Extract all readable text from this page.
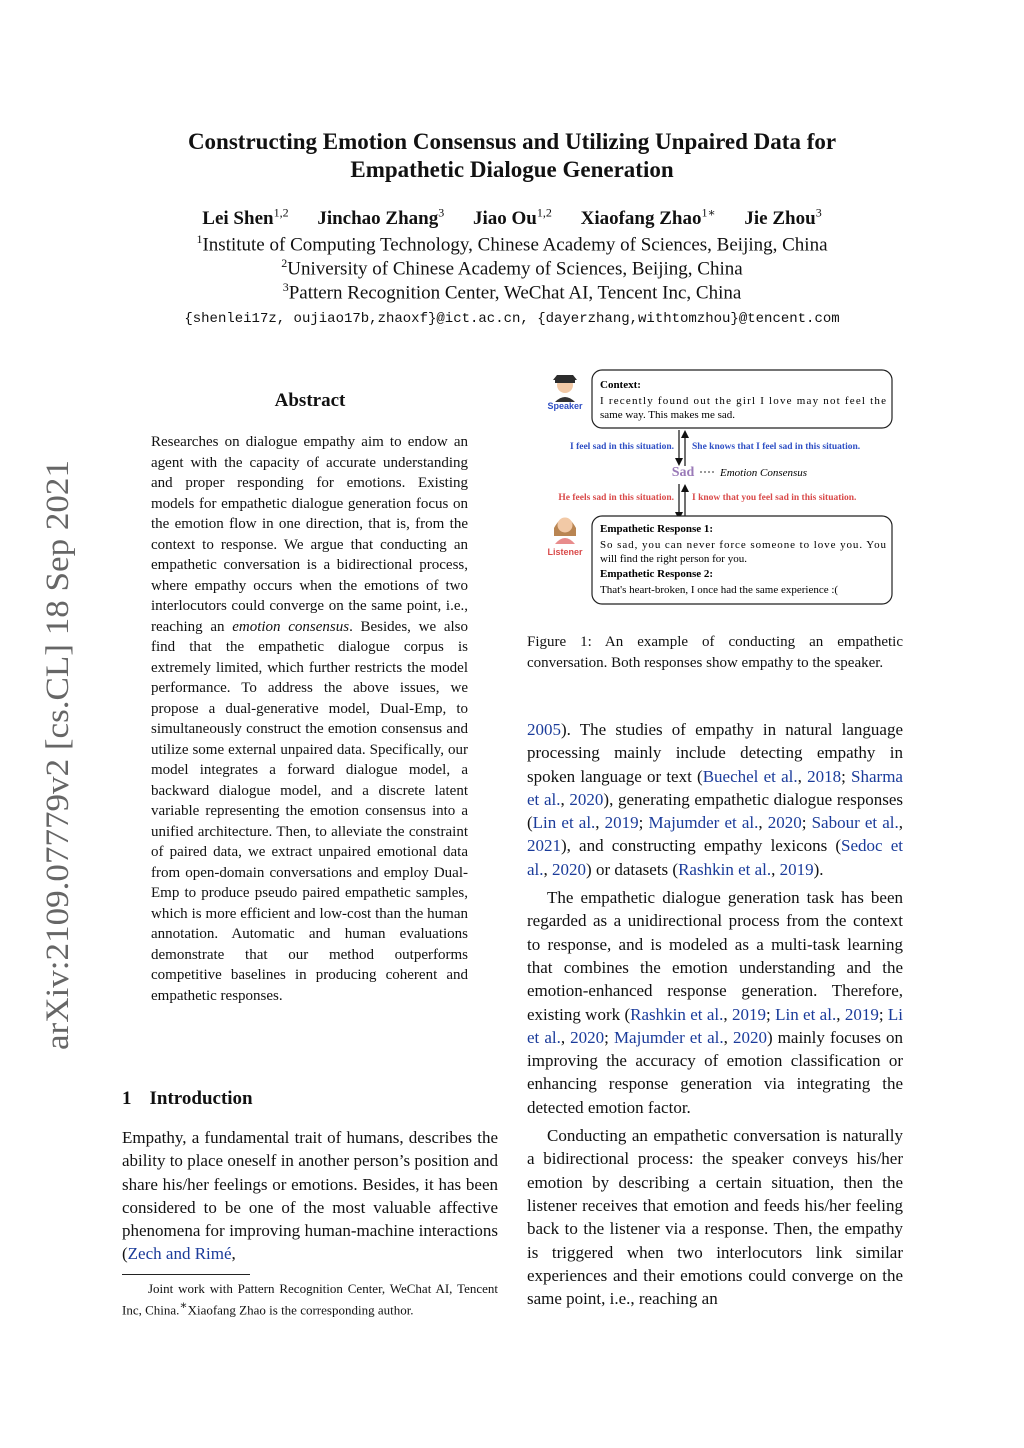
arXiv:2109.07779v2 [cs.CL] 18 Sep 2021
Constructing Emotion Consensus and Utilizing Unpaired Data for
Empathetic Dialogue Generation
Lei Shen$^{1,2}$ Jinchao Zhang$^3$ Jiao Ou$^{1,2}$ Xiaofang Zhao$^{1∗}$ Jie Zhou$^3$
$^1$Institute of Computing Technology, Chinese Academy of Sciences, Beijing, China
$^2$University of Chinese Academy of Sciences, Beijing, China
$^3$Pattern Recognition Center, WeChat AI, Tencent Inc, China
{shenlei17z, oujiao17b,zhaoxf}@ict.ac.cn, {dayerzhang,withtomzhou}@tencent.com
Abstract
Researches on dialogue empathy aim to endow an agent with the capacity of accurate understanding and proper responding for emotions. Existing models for empathetic dialogue generation focus on the emotion flow in one direction, that is, from the context to response. We argue that conducting an empathetic conversation is a bidirectional process, where empathy occurs when the emotions of two interlocutors could converge on the same point, i.e., reaching an emotion consensus. Besides, we also find that the empathetic dialogue corpus is extremely limited, which further restricts the model performance. To address the above issues, we propose a dual-generative model, Dual-Emp, to simultaneously construct the emotion consensus and utilize some external unpaired data. Specifically, our model integrates a forward dialogue model, a backward dialogue model, and a discrete latent variable representing the emotion consensus into a unified architecture. Then, to alleviate the constraint of paired data, we extract unpaired emotional data from open-domain conversations and employ Dual-Emp to produce pseudo paired empathetic samples, which is more efficient and low-cost than the human annotation. Automatic and human evaluations demonstrate that our method outperforms competitive baselines in producing coherent and empathetic responses.
1 Introduction
Empathy, a fundamental trait of humans, describes the ability to place oneself in another person’s position and share his/her feelings or emotions. Besides, it has been considered to be one of the most valuable affective phenomena for improving human-machine interactions (Zech and Rimé,
Joint work with Pattern Recognition Center, WeChat AI, Tencent Inc, China.∗Xiaofang Zhao is the corresponding author.
Speaker
Context:
I recently found out the girl I love may not feel the
same way. This makes me sad.
I feel sad in this situation. She knows that I feel sad in this situation.
Sad Emotion Consensus
He feels sad in this situation. I know that you feel sad in this situation.
Listener
Empathetic Response 1:
So sad, you can never force someone to love you. You
will find the right person for you.
Empathetic Response 2:
That's heart-broken, I once had the same experience :(
Figure 1: An example of conducting an empathetic conversation. Both responses show empathy to the speaker.

2005). The studies of empathy in natural language processing mainly include detecting empathy in spoken language or text (Buechel et al., 2018; Sharma et al., 2020), generating empathetic dialogue responses (Lin et al., 2019; Majumder et al., 2020; Sabour et al., 2021), and constructing empathy lexicons (Sedoc et al., 2020) or datasets (Rashkin et al., 2019).

The empathetic dialogue generation task has been regarded as a unidirectional process from the context to response, and is modeled as a multi-task learning that combines the emotion understanding and the emotion-enhanced response generation. Therefore, existing work (Rashkin et al., 2019; Lin et al., 2019; Li et al., 2020; Majumder et al., 2020) mainly focuses on improving the accuracy of emotion classification or enhancing response generation via integrating the detected emotion factor.

Conducting an empathetic conversation is naturally a bidirectional process: the speaker conveys his/her emotion by describing a certain situation, then the listener receives that emotion and feeds his/her feeling back to the listener via a response. Then, the empathy is triggered when two interlocutors link similar experiences and their emotions could converge on the same point, i.e., reaching an
